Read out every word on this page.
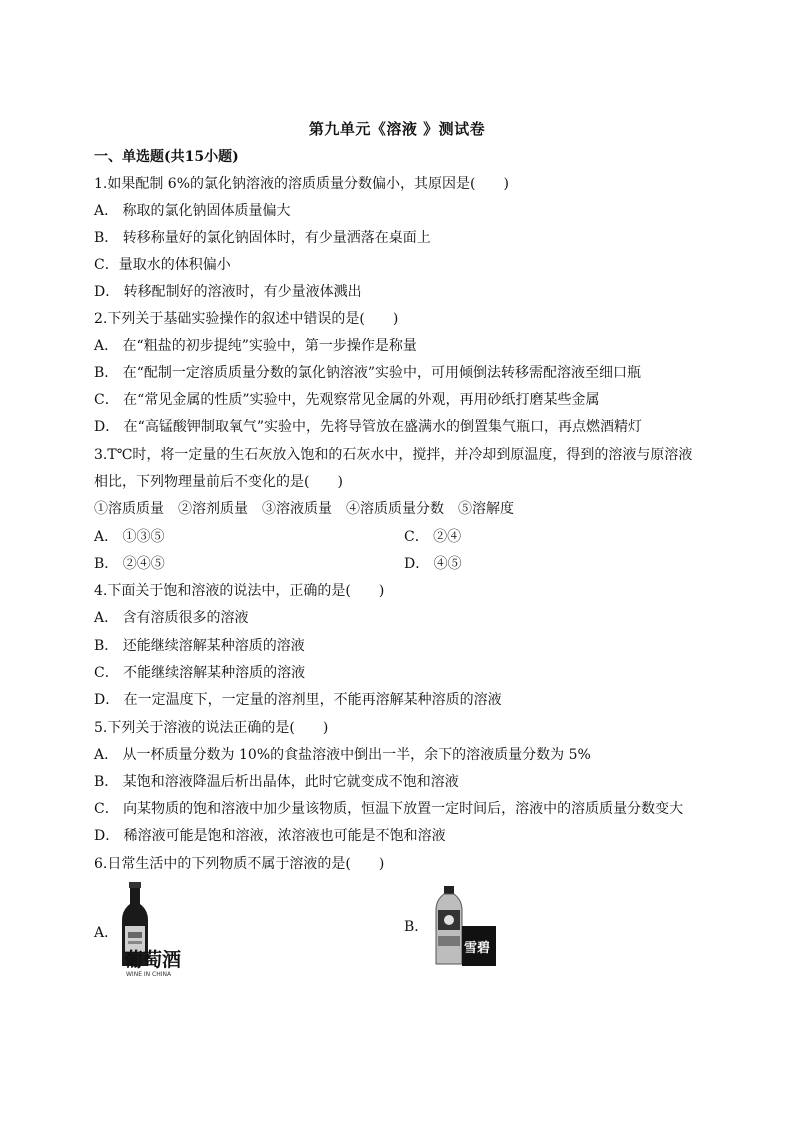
第九单元《溶液 》测试卷
一、单选题(共15小题)
1.如果配制 6%的氯化钠溶液的溶质质量分数偏小，其原因是(　　)
A． 称取的氯化钠固体质量偏大
B． 转移称量好的氯化钠固体时，有少量洒落在桌面上
C．量取水的体积偏小
D． 转移配制好的溶液时，有少量液体溅出
2.下列关于基础实验操作的叙述中错误的是(　　)
A． 在“粗盐的初步提纯”实验中，第一步操作是称量
B． 在“配制一定溶质质量分数的氯化钠溶液”实验中，可用倾倒法转移需配溶液至细口瓶
C． 在“常见金属的性质”实验中，先观察常见金属的外观，再用砂纸打磨某些金属
D． 在“高锰酸钾制取氧气”实验中，先将导管放在盛满水的倒置集气瓶口，再点燃酒精灯
3.T℃时，将一定量的生石灰放入饱和的石灰水中，搅拌，并冷却到原温度，得到的溶液与原溶液
相比，下列物理量前后不变化的是(　　)
①溶质质量　②溶剂质量　③溶液质量　④溶质质量分数　⑤溶解度
A． ①③⑤	C． ②④
B． ②④⑤	D． ④⑤
4.下面关于饱和溶液的说法中，正确的是(　　)
A． 含有溶质很多的溶液
B． 还能继续溶解某种溶质的溶液
C． 不能继续溶解某种溶质的溶液
D． 在一定温度下，一定量的溶剂里，不能再溶解某种溶质的溶液
5.下列关于溶液的说法正确的是(　　)
A． 从一杯质量分数为 10%的食盐溶液中倒出一半，余下的溶液质量分数为 5%
B． 某饱和溶液降温后析出晶体，此时它就变成不饱和溶液
C． 向某物质的饱和溶液中加少量该物质，恒温下放置一定时间后，溶液中的溶质质量分数变大
D． 稀溶液可能是饱和溶液，浓溶液也可能是不饱和溶液
6.日常生活中的下列物质不属于溶液的是(　　)
A．	B．
葡萄酒
WINE IN CHINA
雪碧
